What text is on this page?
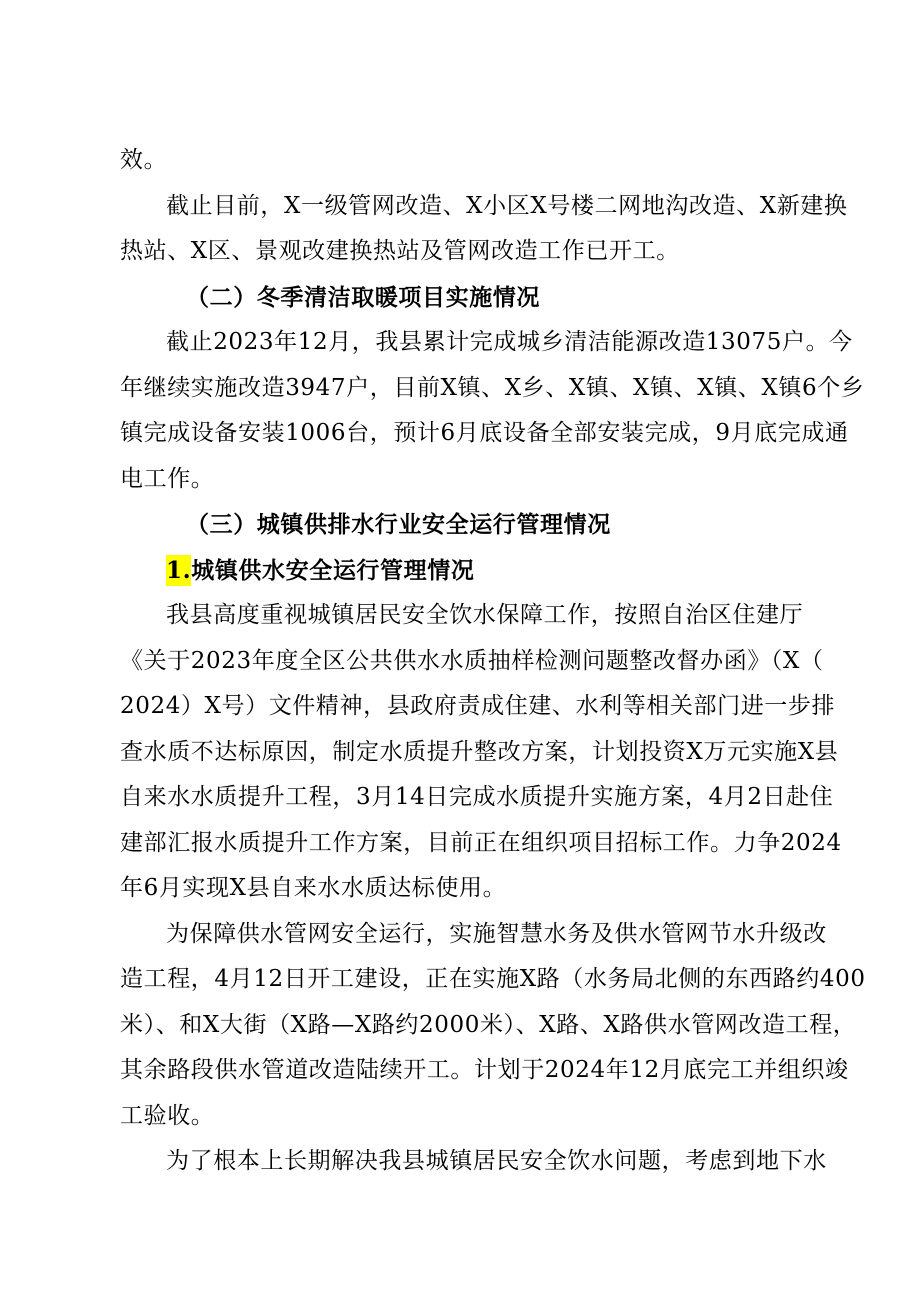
效。
截止目前，X一级管网改造、X小区X号楼二网地沟改造、X新建换
热站、X区、景观改建换热站及管网改造工作已开工。
（二）冬季清洁取暖项目实施情况
截止2023年12月，我县累计完成城乡清洁能源改造13075户。今
年继续实施改造3947户，目前X镇、X乡、X镇、X镇、X镇、X镇6个乡
镇完成设备安装1006台，预计6月底设备全部安装完成，9月底完成通
电工作。
（三）城镇供排水行业安全运行管理情况
1.城镇供水安全运行管理情况
我县高度重视城镇居民安全饮水保障工作，按照自治区住建厅
《关于2023年度全区公共供水水质抽样检测问题整改督办函》（X（
2024）X号）文件精神，县政府责成住建、水利等相关部门进一步排
查水质不达标原因，制定水质提升整改方案，计划投资X万元实施X县
自来水水质提升工程，3月14日完成水质提升实施方案，4月2日赴住
建部汇报水质提升工作方案，目前正在组织项目招标工作。力争2024
年6月实现X县自来水水质达标使用。
为保障供水管网安全运行，实施智慧水务及供水管网节水升级改
造工程，4月12日开工建设，正在实施X路（水务局北侧的东西路约400
米）、和X大街（X路—X路约2000米）、X路、X路供水管网改造工程，
其余路段供水管道改造陆续开工。计划于2024年12月底完工并组织竣
工验收。
为了根本上长期解决我县城镇居民安全饮水问题，考虑到地下水
